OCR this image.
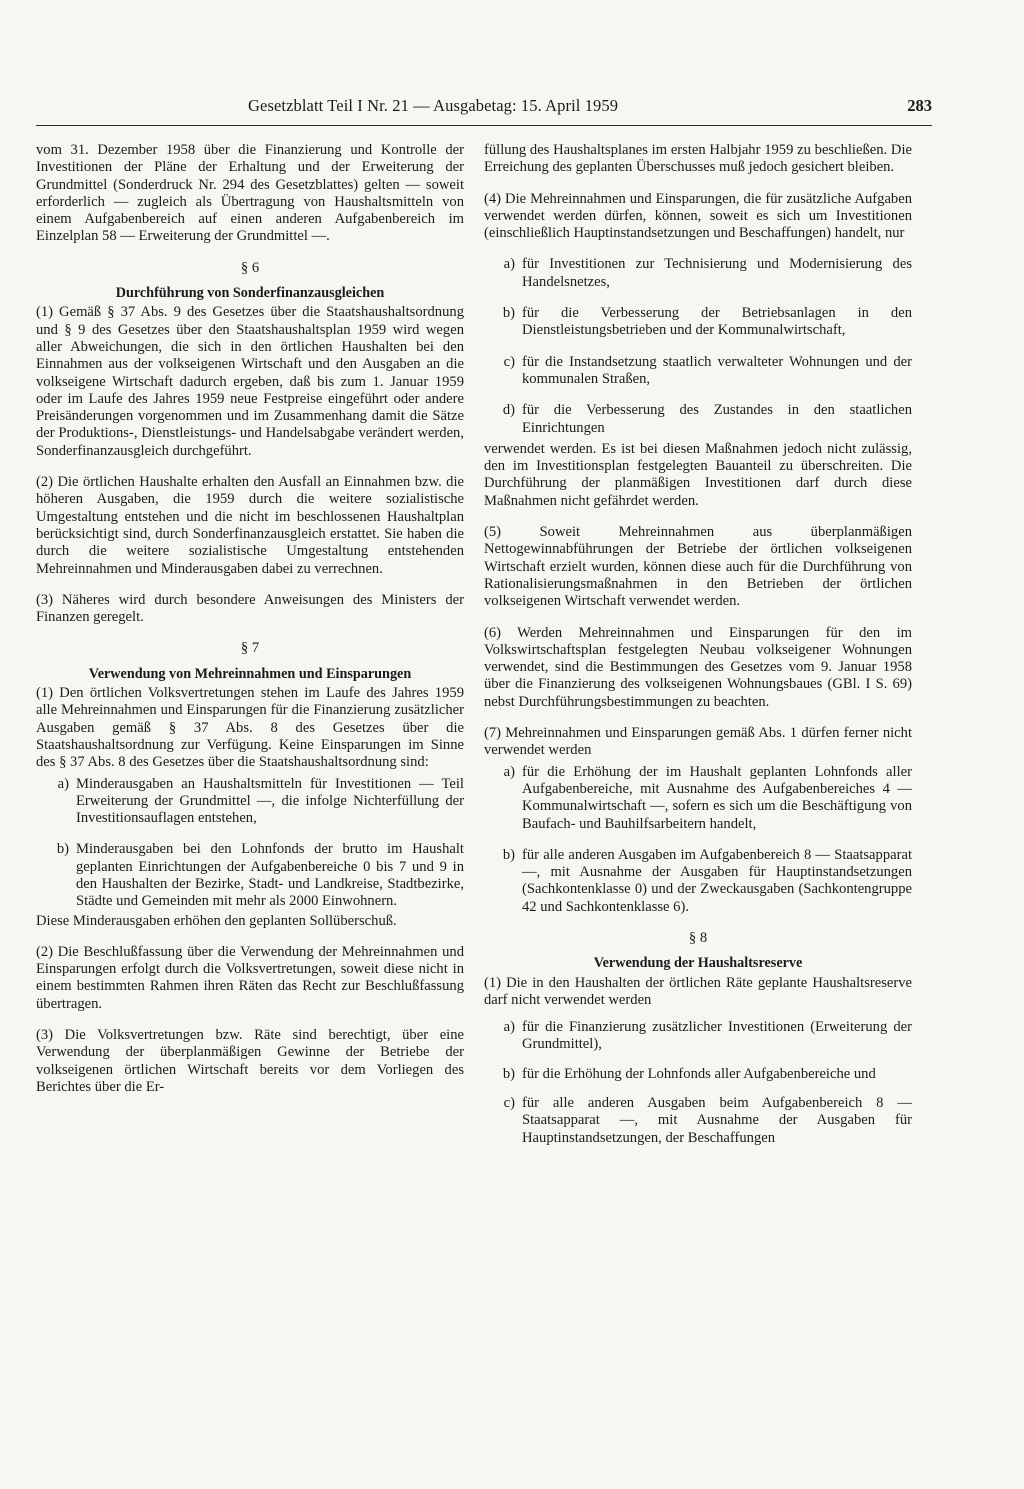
Gesetzblatt Teil I Nr. 21 — Ausgabetag: 15. April 1959	283

vom 31. Dezember 1958 über die Finanzierung und Kontrolle der Investitionen der Pläne der Erhaltung und der Erweiterung der Grundmittel (Sonderdruck Nr. 294 des Gesetzblattes) gelten — soweit erforderlich — zugleich als Übertragung von Haushaltsmitteln von einem Aufgabenbereich auf einen anderen Aufgabenbereich im Einzelplan 58 — Erweiterung der Grundmittel —.

§ 6
Durchführung von Sonderfinanzausgleichen

(1) Gemäß § 37 Abs. 9 des Gesetzes über die Staatshaushaltsordnung und § 9 des Gesetzes über den Staatshaushaltsplan 1959 wird wegen aller Abweichungen, die sich in den örtlichen Haushalten bei den Einnahmen aus der volkseigenen Wirtschaft und den Ausgaben an die volkseigene Wirtschaft dadurch ergeben, daß bis zum 1. Januar 1959 oder im Laufe des Jahres 1959 neue Festpreise eingeführt oder andere Preisänderungen vorgenommen und im Zusammenhang damit die Sätze der Produktions-, Dienstleistungs- und Handelsabgabe verändert werden, Sonderfinanzausgleich durchgeführt.

(2) Die örtlichen Haushalte erhalten den Ausfall an Einnahmen bzw. die höheren Ausgaben, die 1959 durch die weitere sozialistische Umgestaltung entstehen und die nicht im beschlossenen Haushaltplan berücksichtigt sind, durch Sonderfinanzausgleich erstattet. Sie haben die durch die weitere sozialistische Umgestaltung entstehenden Mehreinnahmen und Minderausgaben dabei zu verrechnen.

(3) Näheres wird durch besondere Anweisungen des Ministers der Finanzen geregelt.

§ 7
Verwendung von Mehreinnahmen und Einsparungen

(1) Den örtlichen Volksvertretungen stehen im Laufe des Jahres 1959 alle Mehreinnahmen und Einsparungen für die Finanzierung zusätzlicher Ausgaben gemäß § 37 Abs. 8 des Gesetzes über die Staatshaushaltsordnung zur Verfügung. Keine Einsparungen im Sinne des § 37 Abs. 8 des Gesetzes über die Staatshaushaltsordnung sind:

a) Minderausgaben an Haushaltsmitteln für Investitionen — Teil Erweiterung der Grundmittel —, die infolge Nichterfüllung der Investitionsauflagen entstehen,
b) Minderausgaben bei den Lohnfonds der brutto im Haushalt geplanten Einrichtungen der Aufgabenbereiche 0 bis 7 und 9 in den Haushalten der Bezirke, Stadt- und Landkreise, Stadtbezirke, Städte und Gemeinden mit mehr als 2000 Einwohnern.

Diese Minderausgaben erhöhen den geplanten Sollüberschuß.

(2) Die Beschlußfassung über die Verwendung der Mehreinnahmen und Einsparungen erfolgt durch die Volksvertretungen, soweit diese nicht in einem bestimmten Rahmen ihren Räten das Recht zur Beschlußfassung übertragen.

(3) Die Volksvertretungen bzw. Räte sind berechtigt, über eine Verwendung der überplanmäßigen Gewinne der Betriebe der volkseigenen örtlichen Wirtschaft bereits vor dem Vorliegen des Berichtes über die Er-

füllung des Haushaltsplanes im ersten Halbjahr 1959 zu beschließen. Die Erreichung des geplanten Überschusses muß jedoch gesichert bleiben.

(4) Die Mehreinnahmen und Einsparungen, die für zusätzliche Aufgaben verwendet werden dürfen, können, soweit es sich um Investitionen (einschließlich Hauptinstandsetzungen und Beschaffungen) handelt, nur

a) für Investitionen zur Technisierung und Modernisierung des Handelsnetzes,
b) für die Verbesserung der Betriebsanlagen in den Dienstleistungsbetrieben und der Kommunalwirtschaft,
c) für die Instandsetzung staatlich verwalteter Wohnungen und der kommunalen Straßen,
d) für die Verbesserung des Zustandes in den staatlichen Einrichtungen

verwendet werden. Es ist bei diesen Maßnahmen jedoch nicht zulässig, den im Investitionsplan festgelegten Bauanteil zu überschreiten. Die Durchführung der planmäßigen Investitionen darf durch diese Maßnahmen nicht gefährdet werden.

(5) Soweit Mehreinnahmen aus überplanmäßigen Nettogewinnabführungen der Betriebe der örtlichen volkseigenen Wirtschaft erzielt wurden, können diese auch für die Durchführung von Rationalisierungsmaßnahmen in den Betrieben der örtlichen volkseigenen Wirtschaft verwendet werden.

(6) Werden Mehreinnahmen und Einsparungen für den im Volkswirtschaftsplan festgelegten Neubau volkseigener Wohnungen verwendet, sind die Bestimmungen des Gesetzes vom 9. Januar 1958 über die Finanzierung des volkseigenen Wohnungsbaues (GBl. I S. 69) nebst Durchführungsbestimmungen zu beachten.

(7) Mehreinnahmen und Einsparungen gemäß Abs. 1 dürfen ferner nicht verwendet werden

a) für die Erhöhung der im Haushalt geplanten Lohnfonds aller Aufgabenbereiche, mit Ausnahme des Aufgabenbereiches 4 — Kommunalwirtschaft —, sofern es sich um die Beschäftigung von Baufach- und Bauhilfsarbeitern handelt,
b) für alle anderen Ausgaben im Aufgabenbereich 8 — Staatsapparat —, mit Ausnahme der Ausgaben für Hauptinstandsetzungen (Sachkontenklasse 0) und der Zweckausgaben (Sachkontengruppe 42 und Sachkontenklasse 6).
§ 8
Verwendung der Haushaltsreserve

(1) Die in den Haushalten der örtlichen Räte geplante Haushaltsreserve darf nicht verwendet werden

a) für die Finanzierung zusätzlicher Investitionen (Erweiterung der Grundmittel),
b) für die Erhöhung der Lohnfonds aller Aufgabenbereiche und
c) für alle anderen Ausgaben beim Aufgabenbereich 8 — Staatsapparat —, mit Ausnahme der Ausgaben für Hauptinstandsetzungen, der Beschaffungen
